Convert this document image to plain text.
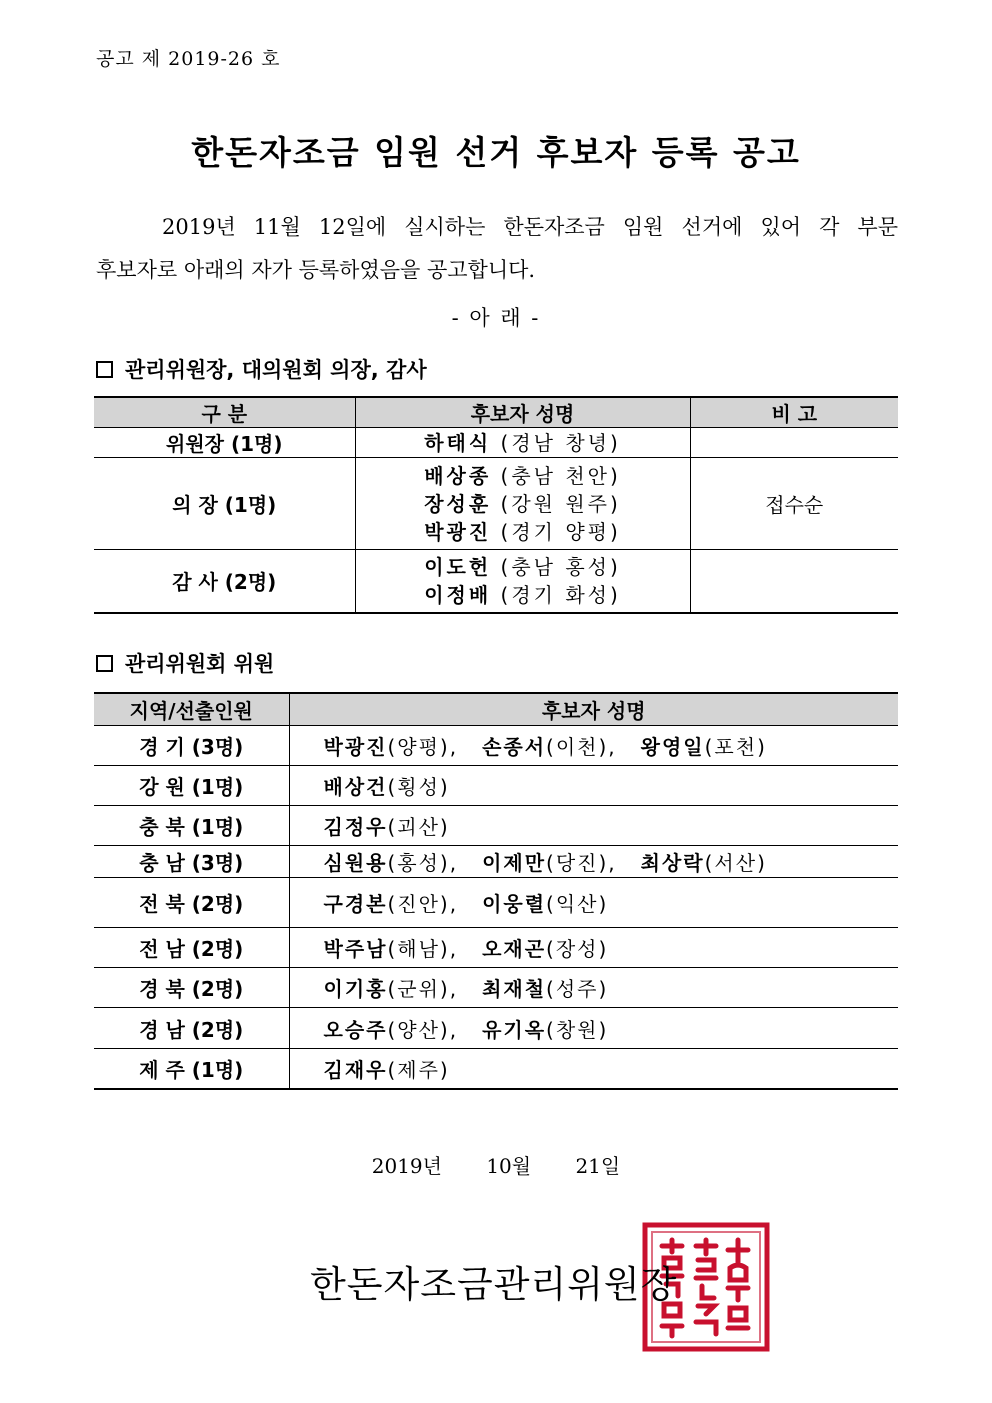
공고 제 2019-26 호
한돈자조금 임원 선거 후보자 등록 공고
2019년 11월 12일에 실시하는 한돈자조금 임원 선거에 있어 각 부문
후보자로 아래의 자가 등록하였음을 공고합니다.
- 아 래 -
관리위원장, 대의원회 의장, 감사
구 분	후보자 성명	비 고
위원장 (1명)	하태식 (경남 창녕)	

의 장 (1명)	배상종 (충남 천안)
장성훈 (강원 원주)
박광진 (경기 양평)	접수순
감 사 (2명)	이도헌 (충남 홍성)
이정배 (경기 화성)	

관리위원회 위원
지역/선출인원	후보자 성명
경 기 (3명)	박광진(양평), 손종서(이천), 왕영일(포천)
강 원 (1명)	배상건(횡성)
충 북 (1명)	김정우(괴산)
충 남 (3명)	심원용(홍성), 이제만(당진), 최상락(서산)
전 북 (2명)	구경본(진안), 이웅렬(익산)
전 남 (2명)	박주남(해남), 오재곤(장성)
경 북 (2명)	이기홍(군위), 최재철(성주)
경 남 (2명)	오승주(양산), 유기옥(창원)
제 주 (1명)	김재우(제주)
2019년 10월 21일
한돈자조금관리위원장
